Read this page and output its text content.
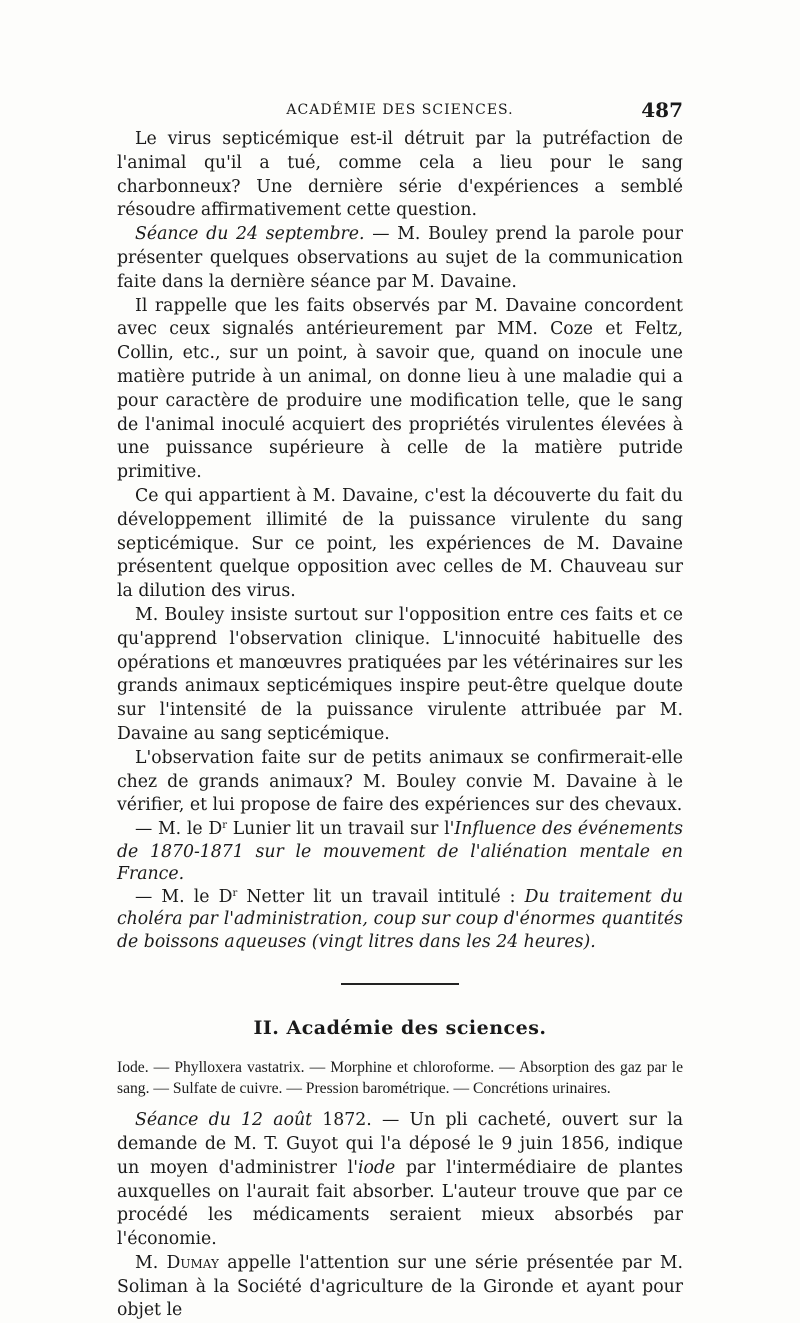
ACADÉMIE DES SCIENCES.	487

Le virus septicémique est-il détruit par la putréfaction de l'animal qu'il a tué, comme cela a lieu pour le sang charbonneux? Une dernière série d'expériences a semblé résoudre affirmativement cette question.

Séance du 24 septembre. — M. Bouley prend la parole pour présenter quelques observations au sujet de la communication faite dans la dernière séance par M. Davaine.

Il rappelle que les faits observés par M. Davaine concordent avec ceux signalés antérieurement par MM. Coze et Feltz, Collin, etc., sur un point, à savoir que, quand on inocule une matière putride à un animal, on donne lieu à une maladie qui a pour caractère de produire une modification telle, que le sang de l'animal inoculé acquiert des propriétés virulentes élevées à une puissance supérieure à celle de la matière putride primitive.

Ce qui appartient à M. Davaine, c'est la découverte du fait du développement illimité de la puissance virulente du sang septicémique. Sur ce point, les expériences de M. Davaine présentent quelque opposition avec celles de M. Chauveau sur la dilution des virus.

M. Bouley insiste surtout sur l'opposition entre ces faits et ce qu'apprend l'observation clinique. L'innocuité habituelle des opérations et manœuvres pratiquées par les vétérinaires sur les grands animaux septicémiques inspire peut-être quelque doute sur l'intensité de la puissance virulente attribuée par M. Davaine au sang septicémique.

L'observation faite sur de petits animaux se confirmerait-elle chez de grands animaux? M. Bouley convie M. Davaine à le vérifier, et lui propose de faire des expériences sur des chevaux.

— M. le $D^r$ Lunier lit un travail sur l'Influence des événements de 1870-1871 sur le mouvement de l'aliénation mentale en France.

— M. le $D^r$ Netter lit un travail intitulé : Du traitement du choléra par l'administration, coup sur coup d'énormes quantités de boissons aqueuses (vingt litres dans les 24 heures).

II. Académie des sciences.

Iode. — Phylloxera vastatrix. — Morphine et chloroforme. — Absorption des gaz par le sang. — Sulfate de cuivre. — Pression barométrique. — Concrétions urinaires.

Séance du 12 août 1872. — Un pli cacheté, ouvert sur la demande de M. T. Guyot qui l'a déposé le 9 juin 1856, indique un moyen d'administrer l'iode par l'intermédiaire de plantes auxquelles on l'aurait fait absorber. L'auteur trouve que par ce procédé les médicaments seraient mieux absorbés par l'économie.

M. Dumay appelle l'attention sur une série présentée par M. Soliman à la Société d'agriculture de la Gironde et ayant pour objet le
